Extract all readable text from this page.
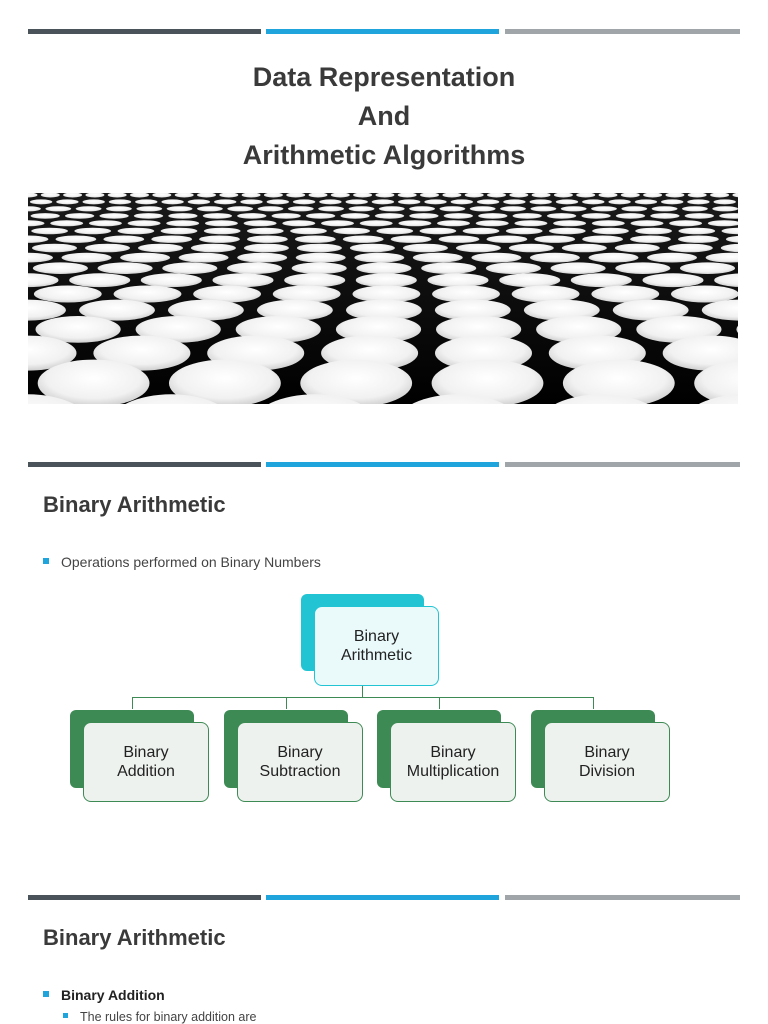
Data Representation
And
Arithmetic Algorithms
Binary Arithmetic
Operations performed on Binary Numbers
Binary
Arithmetic
Binary
Addition
Binary
Subtraction
Binary
Multiplication
Binary
Division
Binary Arithmetic
Binary Addition
The rules for binary addition are
